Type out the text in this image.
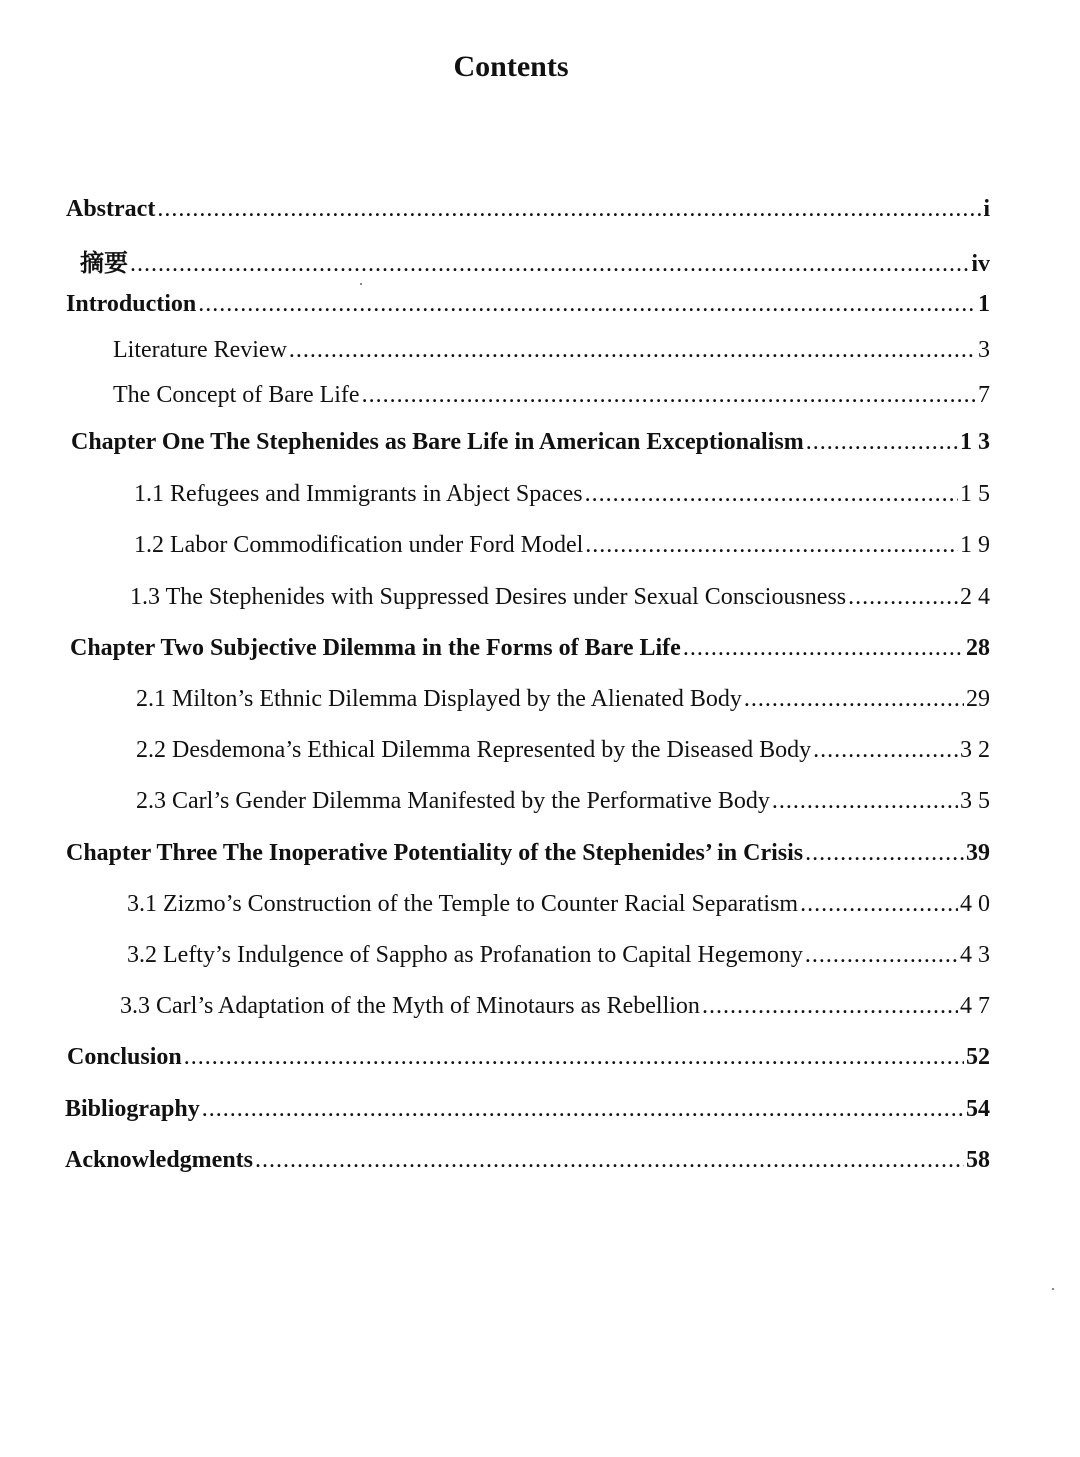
Contents
Abstract .....	i
摘要 .....	iv
Introduction .....	1
Literature Review .....	3
The Concept of Bare Life .....	7
Chapter One The Stephenides as Bare Life in American Exceptionalism .....	1 3
1.1 Refugees and Immigrants in Abject Spaces .....	1 5
1.2 Labor Commodification under Ford Model .....	1 9
1.3 The Stephenides with Suppressed Desires under Sexual Consciousness .....	2 4
Chapter Two Subjective Dilemma in the Forms of Bare Life .....	28
2.1 Milton’s Ethnic Dilemma Displayed by the Alienated Body .....	29
2.2 Desdemona’s Ethical Dilemma Represented by the Diseased Body .....	3 2
2.3 Carl’s Gender Dilemma Manifested by the Performative Body .....	3 5
Chapter Three The Inoperative Potentiality of the Stephenides’ in Crisis .....	39
3.1 Zizmo’s Construction of the Temple to Counter Racial Separatism .....	4 0
3.2 Lefty’s Indulgence of Sappho as Profanation to Capital Hegemony .....	4 3
3.3 Carl’s Adaptation of the Myth of Minotaurs as Rebellion .....	4 7
Conclusion .....	52
Bibliography .....	54
Acknowledgments .....	58
